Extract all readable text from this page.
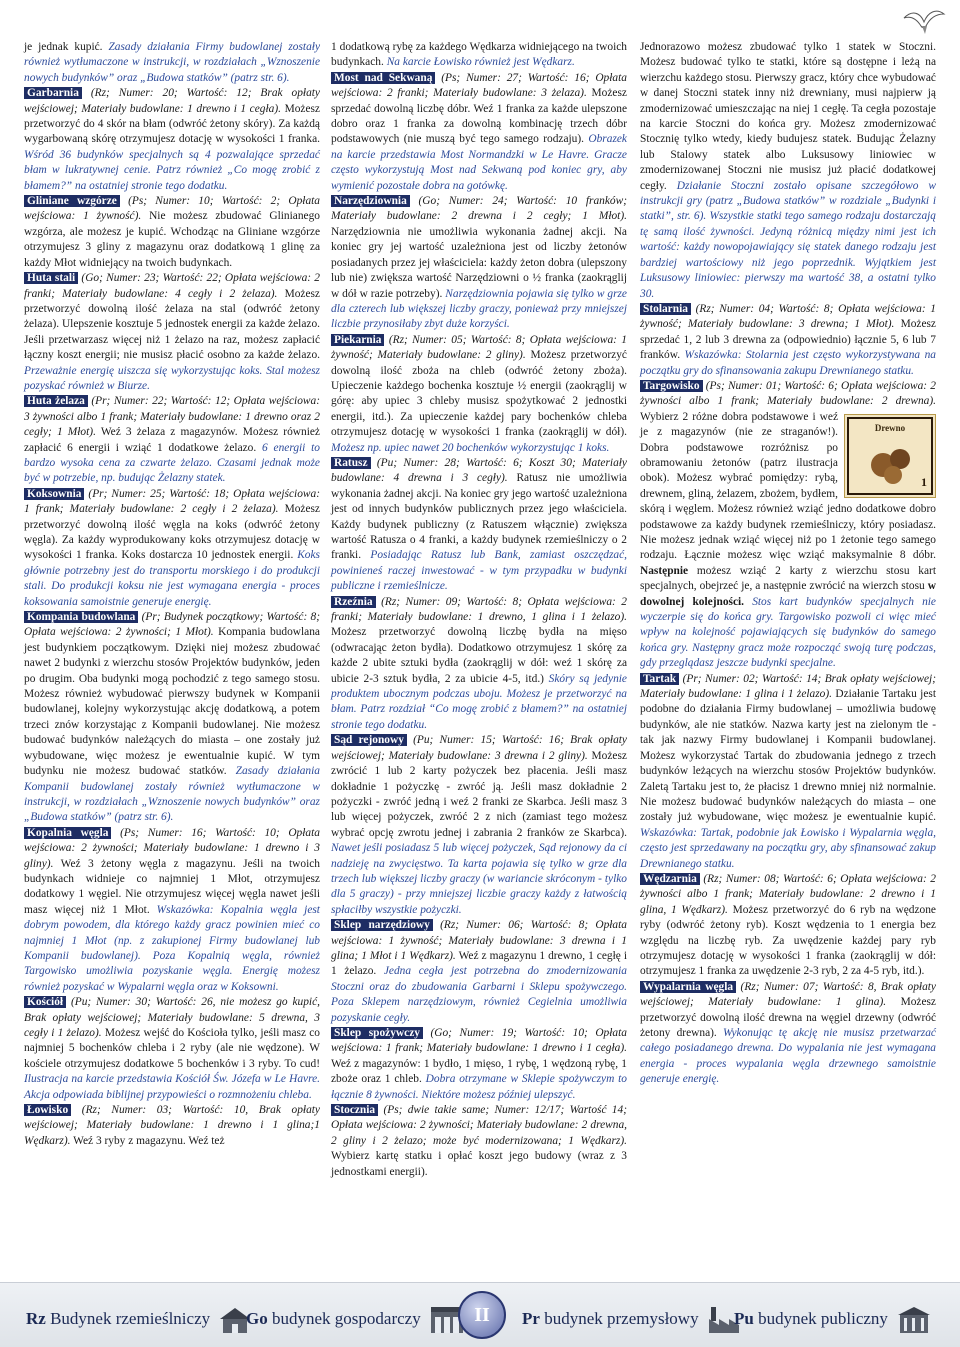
je jednak kupić. Zasady działania Firmy budowlanej zostały również wytłumaczone w instrukcji, w rozdziałach „Wznoszenie nowych budynków” oraz „Budowa statków” (patrz str. 6).

Garbarnia (Rz; Numer: 20; Wartość: 12; Brak opłaty wejściowej; Materiały budowlane: 1 drewno i 1 cegła). Możesz przetworzyć do 4 skór na błam (odwróć żetony skóry). Za każdą wygarbowaną skórę otrzymujesz dotację w wysokości 1 franka. Wśród 36 budynków specjalnych są 4 pozwalające sprzedać błam w lukratywnej cenie. Patrz również „Co mogę zrobić z błamem?” na ostatniej stronie tego dodatku.

Gliniane wzgórze (Ps; Numer: 10; Wartość: 2; Opłata wejściowa: 1 żywność). Nie możesz zbudować Glinianego wzgórza, ale możesz je kupić. Wchodząc na Gliniane wzgórze otrzymujesz 3 gliny z magazynu oraz dodatkową 1 glinę za każdy Młot widniejący na twoich budynkach.

Huta stali (Go; Numer: 23; Wartość: 22; Opłata wejściowa: 2 franki; Materiały budowlane: 4 cegły i 2 żelaza). Możesz przetworzyć dowolną ilość żelaza na stal (odwróć żetony żelaza). Ulepszenie kosztuje 5 jednostek energii za każde żelazo. Jeśli przetwarzasz więcej niż 1 żelazo na raz, możesz zapłacić łączny koszt energii; nie musisz płacić osobno za każde żelazo. Przeważnie energię uiszcza się wykorzystując koks. Stal możesz pozyskać również w Biurze.

Huta żelaza (Pr; Numer: 22; Wartość: 12; Opłata wejściowa: 3 żywności albo 1 frank; Materiały budowlane: 1 drewno oraz 2 cegły; 1 Młot). Weź 3 żelaza z magazynów. Możesz również zapłacić 6 energii i wziąć 1 dodatkowe żelazo. 6 energii to bardzo wysoka cena za czwarte żelazo. Czasami jednak może być w potrzebie, np. budując Żelazny statek.

Koksownia (Pr; Numer: 25; Wartość: 18; Opłata wejściowa: 1 frank; Materiały budowlane: 2 cegły i 2 żelaza). Możesz przetworzyć dowolną ilość węgla na koks (odwróć żetony węgla). Za każdy wyprodukowany koks otrzymujesz dotację w wysokości 1 franka. Koks dostarcza 10 jednostek energii. Koks głównie potrzebny jest do transportu morskiego i do produkcji stali. Do produkcji koksu nie jest wymagana energia - proces koksowania samoistnie generuje energię.

Kompania budowlana (Pr; Budynek początkowy; Wartość: 8; Opłata wejściowa: 2 żywności; 1 Młot). Kompania budowlana jest budynkiem początkowym. Dzięki niej możesz zbudować nawet 2 budynki z wierzchu stosów Projektów budynków, jeden po drugim. Oba budynki mogą pochodzić z tego samego stosu. Możesz również wybudować pierwszy budynek w Kompanii budowlanej, kolejny wykorzystując akcję dodatkową, a potem trzeci znów korzystając z Kompanii budowlanej. Nie możesz budować budynków należących do miasta – one zostały już wybudowane, więc możesz je ewentualnie kupić. W tym budynku nie możesz budować statków. Zasady działania Kompanii budowlanej zostały również wytłumaczone w instrukcji, w rozdziałach „Wznoszenie nowych budynków” oraz „Budowa statków” (patrz str. 6).

Kopalnia węgla (Ps; Numer: 16; Wartość: 10; Opłata wejściowa: 2 żywności; Materiały budowlane: 1 drewno i 3 gliny). Weź 3 żetony węgla z magazynu. Jeśli na twoich budynkach widnieje co najmniej 1 Młot, otrzymujesz dodatkowy 1 węgiel. Nie otrzymujesz więcej węgla nawet jeśli masz więcej niż 1 Młot. Wskazówka: Kopalnia węgla jest dobrym powodem, dla którego każdy gracz powinien mieć co najmniej 1 Młot (np. z zakupionej Firmy budowlanej lub Kompanii budowlanej). Poza Kopalnią węgla, również Targowisko umożliwia pozyskanie węgla. Energię możesz również pozyskać w Wypalarni węgla oraz w Koksowni.

Kościół (Pu; Numer: 30; Wartość: 26, nie możesz go kupić, Brak opłaty wejściowej; Materiały budowlane: 5 drewna, 3 cegły i 1 żelazo). Możesz wejść do Kościoła tylko, jeśli masz co najmniej 5 bochenków chleba i 2 ryby (ale nie wędzone). W kościele otrzymujesz dodatkowe 5 bochenków i 3 ryby. To cud! Ilustracja na karcie przedstawia Kościół Św. Józefa w Le Havre. Akcja odpowiada biblijnej przypowieści o rozmnożeniu chleba.

Łowisko (Rz; Numer: 03; Wartość: 10, Brak opłaty wejściowej; Materiały budowlane: 1 drewno i 1 glina;1 Wędkarz). Weź 3 ryby z magazynu. Weź też

1 dodatkową rybę za każdego Wędkarza widniejącego na twoich budynkach. Na karcie Łowisko również jest Wędkarz.

Most nad Sekwaną (Ps; Numer: 27; Wartość: 16; Opłata wejściowa: 2 franki; Materiały budowlane: 3 żelaza). Możesz sprzedać dowolną liczbę dóbr. Weź 1 franka za każde ulepszone dobro oraz 1 franka za dowolną kombinację trzech dóbr podstawowych (nie muszą być tego samego rodzaju). Obrazek na karcie przedstawia Most Normandzki w Le Havre. Gracze często wykorzystują Most nad Sekwaną pod koniec gry, aby wymienić pozostałe dobra na gotówkę.

Narzędziownia (Go; Numer: 24; Wartość: 10 franków; Materiały budowlane: 2 drewna i 2 cegły; 1 Młot). Narzędziownia nie umożliwia wykonania żadnej akcji. Na koniec gry jej wartość uzależniona jest od liczby żetonów posiadanych przez jej właściciela: każdy żeton dobra (ulepszony lub nie) zwiększa wartość Narzędziowni o ½ franka (zaokrąglij w dół w razie potrzeby). Narzędziownia pojawia się tylko w grze dla czterech lub większej liczby graczy, ponieważ przy mniejszej liczbie przynosiłaby zbyt duże korzyści.

Piekarnia (Rz; Numer: 05; Wartość: 8; Opłata wejściowa: 1 żywność; Materiały budowlane: 2 gliny). Możesz przetworzyć dowolną ilość zboża na chleb (odwróć żetony zboża). Upieczenie każdego bochenka kosztuje ½ energii (zaokrąglij w górę: aby upiec 3 chleby musisz spożytkować 2 jednostki energii, itd.). Za upieczenie każdej pary bochenków chleba otrzymujesz dotację w wysokości 1 franka (zaokrąglij w dół). Możesz np. upiec nawet 20 bochenków wykorzystując 1 koks.

Ratusz (Pu; Numer: 28; Wartość: 6; Koszt 30; Materiały budowlane: 4 drewna i 3 cegły). Ratusz nie umożliwia wykonania żadnej akcji. Na koniec gry jego wartość uzależniona jest od innych budynków publicznych przez jego właściciela. Każdy budynek publiczny (z Ratuszem włącznie) zwiększa wartość Ratusza o 4 franki, a każdy budynek rzemieślniczy o 2 franki. Posiadając Ratusz lub Bank, zamiast oszczędzać, powinieneś raczej inwestować - w tym przypadku w budynki publiczne i rzemieślnicze.

Rzeźnia (Rz; Numer: 09; Wartość: 8; Opłata wejściowa: 2 franki; Materiały budowlane: 1 drewno, 1 glina i 1 żelazo). Możesz przetworzyć dowolną liczbę bydła na mięso (odwracając żeton bydła). Dodatkowo otrzymujesz 1 skórę za każde 2 ubite sztuki bydła (zaokrąglij w dół: weź 1 skórę za ubicie 2-3 sztuk bydła, 2 za ubicie 4-5, itd.) Skóry są jedynie produktem ubocznym podczas uboju. Możesz je przetworzyć na błam. Patrz rozdział “Co mogę zrobić z błamem?” na ostatniej stronie tego dodatku.

Sąd rejonowy (Pu; Numer: 15; Wartość: 16; Brak opłaty wejściowej; Materiały budowlane: 3 drewna i 2 gliny). Możesz zwrócić 1 lub 2 karty pożyczek bez płacenia. Jeśli masz dokładnie 1 pożyczkę - zwróć ją. Jeśli masz dokładnie 2 pożyczki - zwróć jedną i weź 2 franki ze Skarbca. Jeśli masz 3 lub więcej pożyczek, zwróć 2 z nich (zamiast tego możesz wybrać opcję zwrotu jednej i zabrania 2 franków ze Skarbca). Nawet jeśli posiadasz 5 lub więcej pożyczek, Sąd rejonowy da ci nadzieję na zwycięstwo. Ta karta pojawia się tylko w grze dla trzech lub większej liczby graczy (w wariancie skróconym - tylko dla 5 graczy) - przy mniejszej liczbie graczy każdy z łatwością spłaciłby wszystkie pożyczki.

Sklep narzędziowy (Rz; Numer: 06; Wartość: 8; Opłata wejściowa: 1 żywność; Materiały budowlane: 3 drewna i 1 glina; 1 Młot i 1 Wędkarz). Weź z magazynu 1 drewno, 1 cegłę i 1 żelazo. Jedna cegła jest potrzebna do zmodernizowania Stoczni oraz do zbudowania Garbarni i Sklepu spożywczego. Poza Sklepem narzędziowym, również Cegielnia umożliwia pozyskanie cegły.

Sklep spożywczy (Go; Numer: 19; Wartość: 10; Opłata wejściowa: 1 frank; Materiały budowlane: 1 drewno i 1 cegła). Weź z magazynów: 1 bydło, 1 mięso, 1 rybę, 1 wędzoną rybę, 1 zboże oraz 1 chleb. Dobra otrzymane w Sklepie spożywczym to łącznie 8 żywności. Niektóre możesz później ulepszyć.

Stocznia (Ps; dwie takie same; Numer: 12/17; Wartość 14; Opłata wejściowa: 2 żywności; Materiały budowlane: 2 drewna, 2 gliny i 2 żelazo; może być modernizowana; 1 Wędkarz). Wybierz kartę statku i opłać koszt jego budowy (wraz z 3 jednostkami energii).

Jednorazowo możesz zbudować tylko 1 statek w Stoczni. Możesz budować tylko te statki, które są dostępne i leżą na wierzchu każdego stosu. Pierwszy gracz, który chce wybudować w danej Stoczni statek inny niż drewniany, musi najpierw ją zmodernizować umieszczając na niej 1 cegłę. Ta cegła pozostaje na karcie Stoczni do końca gry. Możesz zmodernizować Stocznię tylko wtedy, kiedy budujesz statek. Budując Żelazny lub Stalowy statek albo Luksusowy liniowiec w zmodernizowanej Stoczni nie musisz już płacić dodatkowej cegły. Działanie Stoczni zostało opisane szczegółowo w instrukcji gry (patrz „Budowa statków” w rozdziale „Budynki i statki”, str. 6). Wszystkie statki tego samego rodzaju dostarczają tę samą ilość żywności. Jedyną różnicą między nimi jest ich wartość: każdy nowopojawiający się statek danego rodzaju jest bardziej wartościowy niż jego poprzednik. Wyjątkiem jest Luksusowy liniowiec: pierwszy ma wartość 38, a ostatni tylko 30.

Stolarnia (Rz; Numer: 04; Wartość: 8; Opłata wejściowa: 1 żywność; Materiały budowlane: 3 drewna; 1 Młot). Możesz sprzedać 1, 2 lub 3 drewna za (odpowiednio) łącznie 5, 6 lub 7 franków. Wskazówka: Stolarnia jest często wykorzystywana na początku gry do sfinansowania zakupu Drewnianego statku.

Targowisko (Ps; Numer: 01; Wartość: 6; Opłata wejściowa: 2 żywności albo 1 frank; Materiały budowlane: 2 drewna).
Drewno
1
Wybierz 2 różne dobra podstawowe i weź je z magazynów (nie ze straganów!). Dobra podstawowe rozróżnisz po obramowaniu żetonów (patrz ilustracja obok). Możesz wybrać pomiędzy: rybą, drewnem, gliną, żelazem, zbożem, bydłem, skórą i węglem. Możesz również wziąć jedno dodatkowe dobro podstawowe za każdy budynek rzemieślniczy, który posiadasz. Nie możesz jednak wziąć więcej niż po 1 żetonie tego samego rodzaju. Łącznie możesz więc wziąć maksymalnie 8 dóbr. Następnie możesz wziąć 2 karty z wierzchu stosu kart specjalnych, obejrzeć je, a następnie zwrócić na wierzch stosu w dowolnej kolejności. Stos kart budynków specjalnych nie wyczerpie się do końca gry. Targowisko pozwoli ci więc mieć wpływ na kolejność pojawiających się budynków do samego końca gry. Następny gracz może rozpocząć swoją turę podczas, gdy przeglądasz jeszcze budynki specjalne.

Tartak (Pr; Numer: 02; Wartość: 14; Brak opłaty wejściowej; Materiały budowlane: 1 glina i 1 żelazo). Działanie Tartaku jest podobne do działania Firmy budowlanej – umożliwia budowę budynków, ale nie statków. Nazwa karty jest na zielonym tle - tak jak nazwy Firmy budowlanej i Kompanii budowlanej. Możesz wykorzystać Tartak do zbudowania jednego z trzech budynków leżących na wierzchu stosów Projektów budynków. Zaletą Tartaku jest to, że płacisz 1 drewno mniej niż normalnie. Nie możesz budować budynków należących do miasta – one zostały już wybudowane, więc możesz je ewentualnie kupić. Wskazówka: Tartak, podobnie jak Łowisko i Wypalarnia węgla, często jest sprzedawany na początku gry, aby sfinansować zakup Drewnianego statku.

Wędzarnia (Rz; Numer: 08; Wartość: 6; Opłata wejściowa: 2 żywności albo 1 frank; Materiały budowlane: 2 drewno i 1 glina, 1 Wędkarz). Możesz przetworzyć do 6 ryb na wędzone ryby (odwróć żetony ryb). Koszt wędzenia to 1 energia bez względu na liczbę ryb. Za uwędzenie każdej pary ryb otrzymujesz dotację w wysokości 1 franka (zaokrąglij w dół: otrzymujesz 1 franka za uwędzenie 2-3 ryb, 2 za 4-5 ryb, itd.).

Wypalarnia węgla (Rz; Numer: 07; Wartość: 8, Brak opłaty wejściowej; Materiały budowlane: 1 glina). Możesz przetworzyć dowolną ilość drewna na węgiel drzewny (odwróć żetony drewna). Wykonując tę akcję nie musisz przetwarzać całego posiadanego drewna. Do wypalania nie jest wymagana energia - proces wypalania węgla drzewnego samoistnie generuje energię.

Rz Budynek rzemieślniczy	Go budynek gospodarczy	II	Pr budynek przemysłowy	Pu budynek publiczny
